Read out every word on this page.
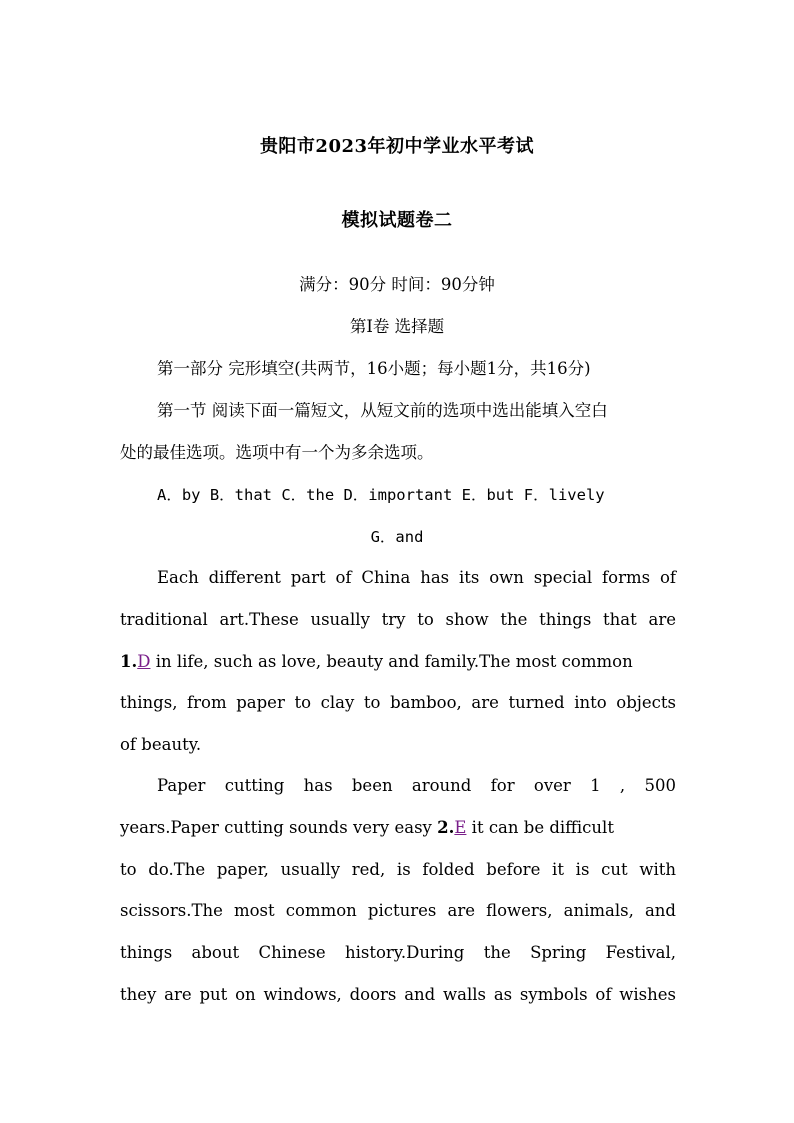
贵阳市2023年初中学业水平考试
模拟试题卷二
满分：90分 时间：90分钟
第Ⅰ卷 选择题
第一部分 完形填空(共两节，16小题；每小题1分，共16分)
第一节 阅读下面一篇短文，从短文前的选项中选出能填入空白
处的最佳选项。选项中有一个为多余选项。
A．by B．that C．the D．important E．but F．lively
G．and
Each different part of China has its own special forms of
traditional art.These usually try to show the things that are
1.D in life, such as love, beauty and family.The most common
things, from paper to clay to bamboo, are turned into objects
of beauty.
Paper cutting has been around for over 1 , 500
years.Paper cutting sounds very easy 2.E it can be difficult
to do.The paper, usually red, is folded before it is cut with
scissors.The most common pictures are flowers, animals, and
things about Chinese history.During the Spring Festival,
they are put on windows, doors and walls as symbols of wishes
